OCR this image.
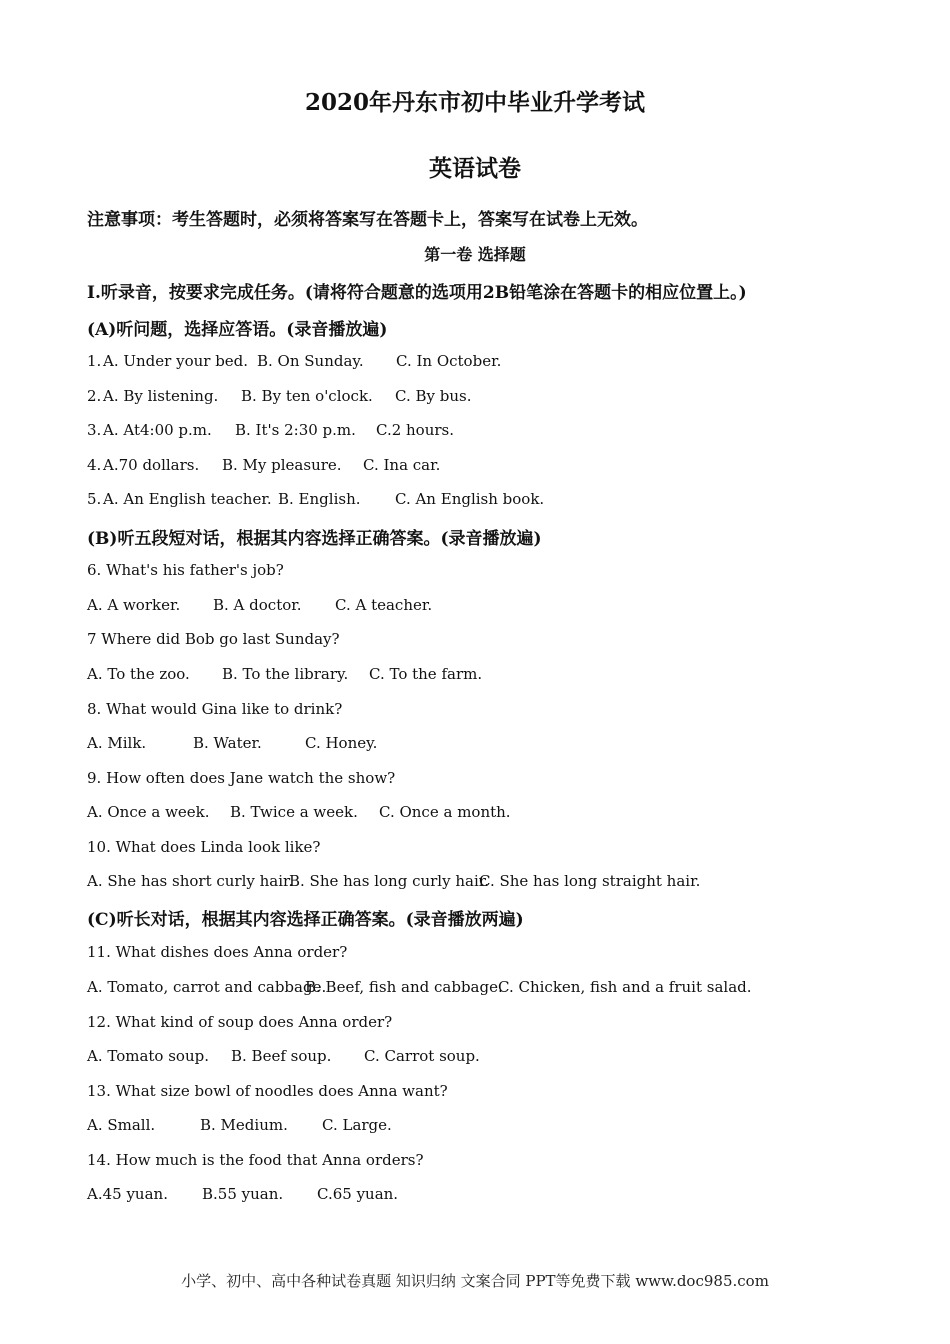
2020年丹东市初中毕业升学考试
英语试卷
注意事项：考生答题时，必须将答案写在答题卡上，答案写在试卷上无效。
第一卷 选择题
Ⅰ.听录音，按要求完成任务。(请将符合题意的选项用2B铅笔涂在答题卡的相应位置上。)
(A)听问题，选择应答语。(录音播放遍)
1. A. Under your bed. B. On Sunday. C. In October.
2. A. By listening. B. By ten o'clock. C. By bus.
3. A. At4:00 p.m. B. It's 2:30 p.m. C.2 hours.
4. A.70 dollars. B. My pleasure. C. Ina car.
5. A. An English teacher. B. English. C. An English book.
(B)听五段短对话，根据其内容选择正确答案。(录音播放遍)
6. What's his father's job?
A. A worker. B. A doctor. C. A teacher.
7 Where did Bob go last Sunday?
A. To the zoo. B. To the library. C. To the farm.
8. What would Gina like to drink?
A. Milk.	B. Water.	C. Honey.
9. How often does Jane watch the show?
A. Once a week. B. Twice a week. C. Once a month.
10. What does Linda look like?
A. She has short curly hair.
B. She has long curly hair.
C. She has long straight hair.
(C)听长对话，根据其内容选择正确答案。(录音播放两遍)
11. What dishes does Anna order?
A. Tomato, carrot and cabbage.
B. Beef, fish and cabbage.
C. Chicken, fish and a fruit salad.
12. What kind of soup does Anna order?
A. Tomato soup. B. Beef soup. C. Carrot soup.
13. What size bowl of noodles does Anna want?
A. Small.	B. Medium. C. Large.
14. How much is the food that Anna orders?
A.45 yuan. B.55 yuan. C.65 yuan.
小学、初中、高中各种试卷真题 知识归纳 文案合同 PPT等免费下载 www.doc985.com
